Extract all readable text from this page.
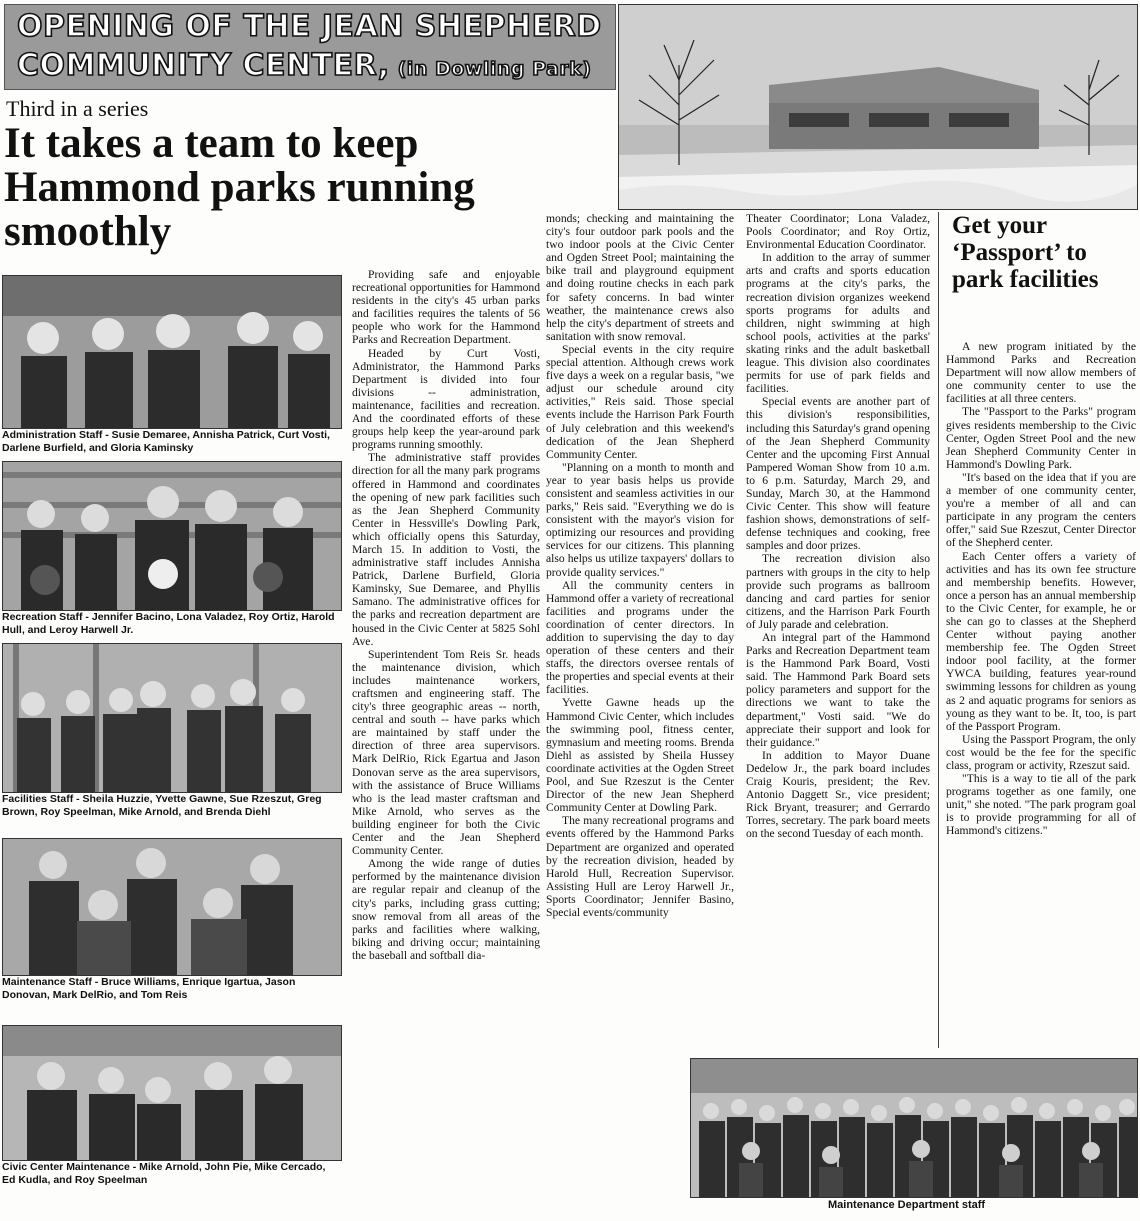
OPENING OF THE JEAN SHEPHERD
COMMUNITY CENTER, (in Dowling Park)
Third in a series
It takes a team to keep Hammond parks running smoothly
Administration Staff - Susie Demaree, Annisha Patrick, Curt Vosti, Darlene Burfield, and Gloria Kaminsky
Recreation Staff - Jennifer Bacino, Lona Valadez, Roy Ortiz, Harold Hull, and Leroy Harwell Jr.
Facilities Staff - Sheila Huzzie, Yvette Gawne, Sue Rzeszut, Greg Brown, Roy Speelman, Mike Arnold, and Brenda Diehl
Maintenance Staff - Bruce Williams, Enrique Igartua, Jason Donovan, Mark DelRio, and Tom Reis
Civic Center Maintenance - Mike Arnold, John Pie, Mike Cercado, Ed Kudla, and Roy Speelman

Providing safe and enjoyable recreational opportunities for Hammond residents in the city's 45 urban parks and facilities requires the talents of 56 people who work for the Hammond Parks and Recreation Department.

Headed by Curt Vosti, Administrator, the Hammond Parks Department is divided into four divisions -- administration, maintenance, facilities and recreation. And the coordinated efforts of these groups help keep the year-around park programs running smoothly.

The administrative staff provides direction for all the many park programs offered in Hammond and coordinates the opening of new park facilities such as the Jean Shepherd Community Center in Hessville's Dowling Park, which officially opens this Saturday, March 15. In addition to Vosti, the administrative staff includes Annisha Patrick, Darlene Burfield, Gloria Kaminsky, Sue Demaree, and Phyllis Samano. The administrative offices for the parks and recreation department are housed in the Civic Center at 5825 Sohl Ave.

Superintendent Tom Reis Sr. heads the maintenance division, which includes maintenance workers, craftsmen and engineering staff. The city's three geographic areas -- north, central and south -- have parks which are maintained by staff under the direction of three area supervisors. Mark DelRio, Rick Egartua and Jason Donovan serve as the area supervisors, with the assistance of Bruce Williams who is the lead master craftsman and Mike Arnold, who serves as the building engineer for both the Civic Center and the Jean Shepherd Community Center.

Among the wide range of duties performed by the maintenance division are regular repair and cleanup of the city's parks, including grass cutting; snow removal from all areas of the parks and facilities where walking, biking and driving occur; maintaining the baseball and softball dia-

monds; checking and maintaining the city's four outdoor park pools and the two indoor pools at the Civic Center and Ogden Street Pool; maintaining the bike trail and playground equipment and doing routine checks in each park for safety concerns. In bad winter weather, the maintenance crews also help the city's department of streets and sanitation with snow removal.

Special events in the city require special attention. Although crews work five days a week on a regular basis, "we adjust our schedule around city activities," Reis said. Those special events include the Harrison Park Fourth of July celebration and this weekend's dedication of the Jean Shepherd Community Center.

"Planning on a month to month and year to year basis helps us provide consistent and seamless activities in our parks," Reis said. "Everything we do is consistent with the mayor's vision for optimizing our resources and providing services for our citizens. This planning also helps us utilize taxpayers' dollars to provide quality services."

All the community centers in Hammond offer a variety of recreational facilities and programs under the coordination of center directors. In addition to supervising the day to day operation of these centers and their staffs, the directors oversee rentals of the properties and special events at their facilities.

Yvette Gawne heads up the Hammond Civic Center, which includes the swimming pool, fitness center, gymnasium and meeting rooms. Brenda Diehl as assisted by Sheila Hussey coordinate activities at the Ogden Street Pool, and Sue Rzeszut is the Center Director of the new Jean Shepherd Community Center at Dowling Park.

The many recreational programs and events offered by the Hammond Parks Department are organized and operated by the recreation division, headed by Harold Hull, Recreation Supervisor. Assisting Hull are Leroy Harwell Jr., Sports Coordinator; Jennifer Basino, Special events/community

Theater Coordinator; Lona Valadez, Pools Coordinator; and Roy Ortiz, Environmental Education Coordinator.

In addition to the array of summer arts and crafts and sports education programs at the city's parks, the recreation division organizes weekend sports programs for adults and children, night swimming at high school pools, activities at the parks' skating rinks and the adult basketball league. This division also coordinates permits for use of park fields and facilities.

Special events are another part of this division's responsibilities, including this Saturday's grand opening of the Jean Shepherd Community Center and the upcoming First Annual Pampered Woman Show from 10 a.m. to 6 p.m. Saturday, March 29, and Sunday, March 30, at the Hammond Civic Center. This show will feature fashion shows, demonstrations of self-defense techniques and cooking, free samples and door prizes.

The recreation division also partners with groups in the city to help provide such programs as ballroom dancing and card parties for senior citizens, and the Harrison Park Fourth of July parade and celebration.

An integral part of the Hammond Parks and Recreation Department team is the Hammond Park Board, Vosti said. The Hammond Park Board sets policy parameters and support for the directions we want to take the department," Vosti said. "We do appreciate their support and look for their guidance."

In addition to Mayor Duane Dedelow Jr., the park board includes Craig Kouris, president; the Rev. Antonio Daggett Sr., vice president; Rick Bryant, treasurer; and Gerrardo Torres, secretary. The park board meets on the second Tuesday of each month.

Get your ‘Passport’ to park facilities

A new program initiated by the Hammond Parks and Recreation Department will now allow members of one community center to use the facilities at all three centers.

The "Passport to the Parks" program gives residents membership to the Civic Center, Ogden Street Pool and the new Jean Shepherd Community Center in Hammond's Dowling Park.

"It's based on the idea that if you are a member of one community center, you're a member of all and can participate in any program the centers offer," said Sue Rzeszut, Center Director of the Shepherd center.

Each Center offers a variety of activities and has its own fee structure and membership benefits. However, once a person has an annual membership to the Civic Center, for example, he or she can go to classes at the Shepherd Center without paying another membership fee. The Ogden Street indoor pool facility, at the former YWCA building, features year-round swimming lessons for children as young as 2 and aquatic programs for seniors as young as they want to be. It, too, is part of the Passport Program.

Using the Passport Program, the only cost would be the fee for the specific class, program or activity, Rzeszut said.

"This is a way to tie all of the park programs together as one family, one unit," she noted. "The park program goal is to provide programming for all of Hammond's citizens."

Maintenance Department staff
